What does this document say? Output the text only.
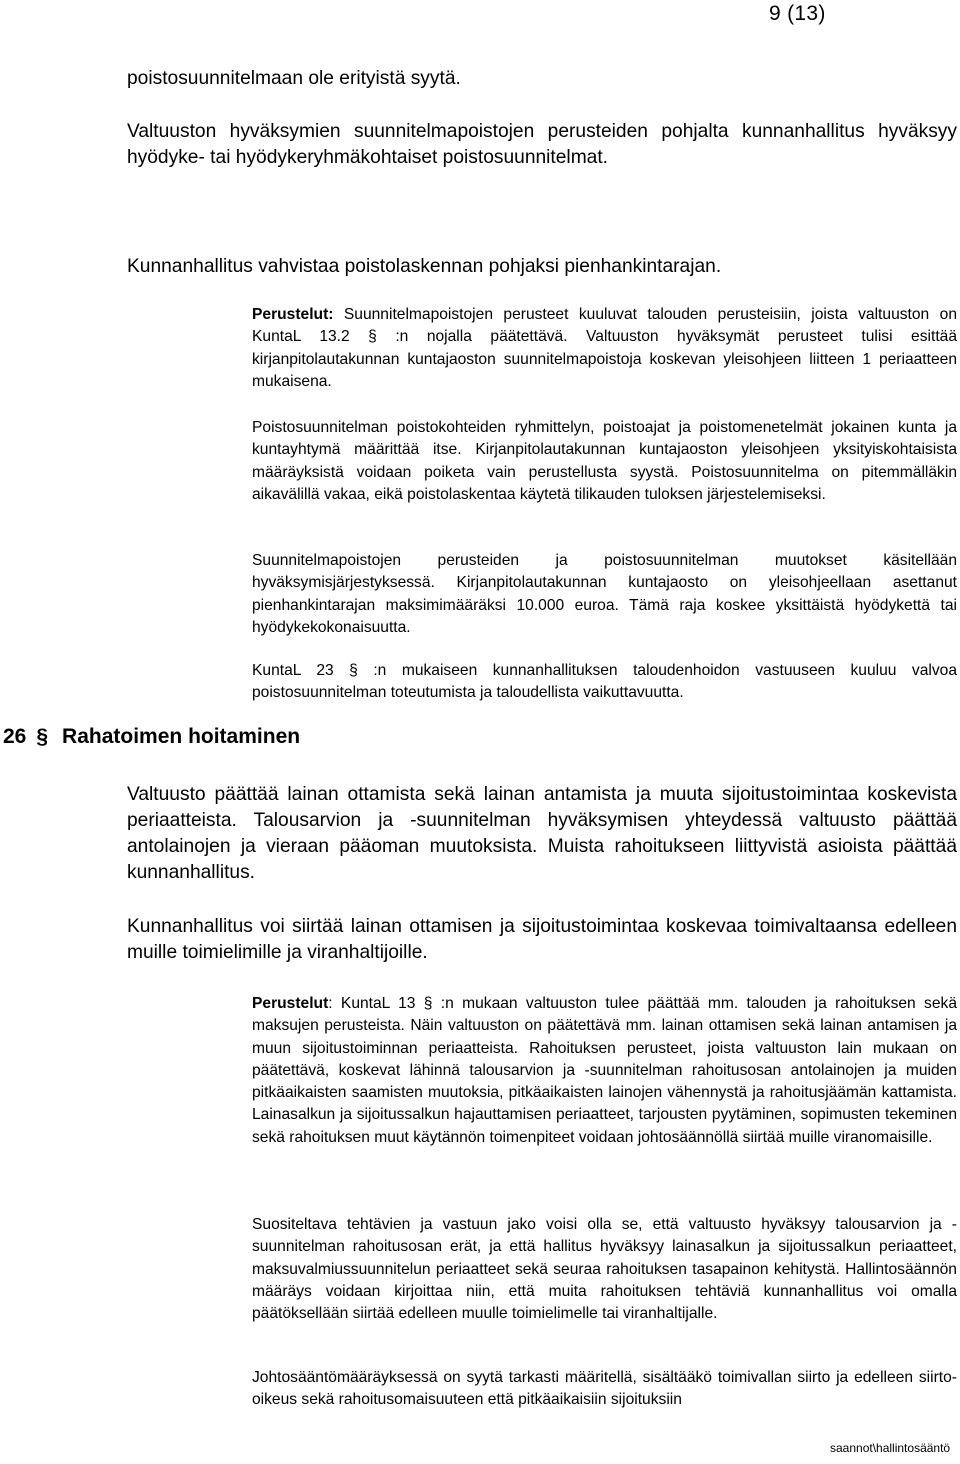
9 (13)

poistosuunnitelmaan ole erityistä syytä.

Valtuuston hyväksymien suunnitelmapoistojen perusteiden pohjalta kunnanhallitus hyväksyy hyödyke- tai hyödykeryhmäkohtaiset poistosuunnitelmat.

Kunnanhallitus vahvistaa poistolaskennan pohjaksi pienhankintarajan.

Perustelut: Suunnitelmapoistojen perusteet kuuluvat talouden perusteisiin, joista valtuuston on KuntaL 13.2 § :n nojalla päätettävä. Valtuuston hyväksymät perusteet tulisi esittää kirjanpitolautakunnan kuntajaoston suunnitelmapoistoja koskevan yleisohjeen liitteen 1 periaatteen mukaisena.

Poistosuunnitelman poistokohteiden ryhmittelyn, poistoajat ja poistomenetelmät jokainen kunta ja kuntayhtymä määrittää itse. Kirjanpitolautakunnan kuntajaoston yleisohjeen yksityiskohtaisista määräyksistä voidaan poiketa vain perustellusta syystä. Poistosuunnitelma on pitemmälläkin aikavälillä vakaa, eikä poistolaskentaa käytetä tilikauden tuloksen järjestelemiseksi.

Suunnitelmapoistojen perusteiden ja poistosuunnitelman muutokset käsitellään hyväksymisjärjestyksessä. Kirjanpitolautakunnan kuntajaosto on yleisohjeellaan asettanut pienhankintarajan maksimimääräksi 10.000 euroa. Tämä raja koskee yksittäistä hyödykettä tai hyödykekokonaisuutta.

KuntaL 23 § :n mukaiseen kunnanhallituksen taloudenhoidon vastuuseen kuuluu valvoa poistosuunnitelman toteutumista ja taloudellista vaikuttavuutta.

26 § Rahatoimen hoitaminen

Valtuusto päättää lainan ottamista sekä lainan antamista ja muuta sijoitustoimintaa koskevista periaatteista. Talousarvion ja -suunnitelman hyväksymisen yhteydessä valtuusto päättää antolainojen ja vieraan pääoman muutoksista. Muista rahoitukseen liittyvistä asioista päättää kunnanhallitus.

Kunnanhallitus voi siirtää lainan ottamisen ja sijoitustoimintaa koskevaa toimivaltaansa edelleen muille toimielimille ja viranhaltijoille.

Perustelut: KuntaL 13 § :n mukaan valtuuston tulee päättää mm. talouden ja rahoituksen sekä maksujen perusteista. Näin valtuuston on päätettävä mm. lainan ottamisen sekä lainan antamisen ja muun sijoitustoiminnan periaatteista. Rahoituksen perusteet, joista valtuuston lain mukaan on päätettävä, koskevat lähinnä talousarvion ja -suunnitelman rahoitusosan antolainojen ja muiden pitkäaikaisten saamisten muutoksia, pitkäaikaisten lainojen vähennystä ja rahoitusjäämän kattamista. Lainasalkun ja sijoitussalkun hajauttamisen periaatteet, tarjousten pyytäminen, sopimusten tekeminen sekä rahoituksen muut käytännön toimenpiteet voidaan johtosäännöllä siirtää muille viranomaisille.

Suositeltava tehtävien ja vastuun jako voisi olla se, että valtuusto hyväksyy talousarvion ja -suunnitelman rahoitusosan erät, ja että hallitus hyväksyy lainasalkun ja sijoitussalkun periaatteet, maksuvalmiussuunnitelun periaatteet sekä seuraa rahoituksen tasapainon kehitystä. Hallintosäännön määräys voidaan kirjoittaa niin, että muita rahoituksen tehtäviä kunnanhallitus voi omalla päätöksellään siirtää edelleen muulle toimielimelle tai viranhaltijalle.

Johtosääntömääräyksessä on syytä tarkasti määritellä, sisältääkö toimivallan siirto ja edelleen siirto-oikeus sekä rahoitusomaisuuteen että pitkäaikaisiin sijoituksiin

saannot\hallintosääntö
